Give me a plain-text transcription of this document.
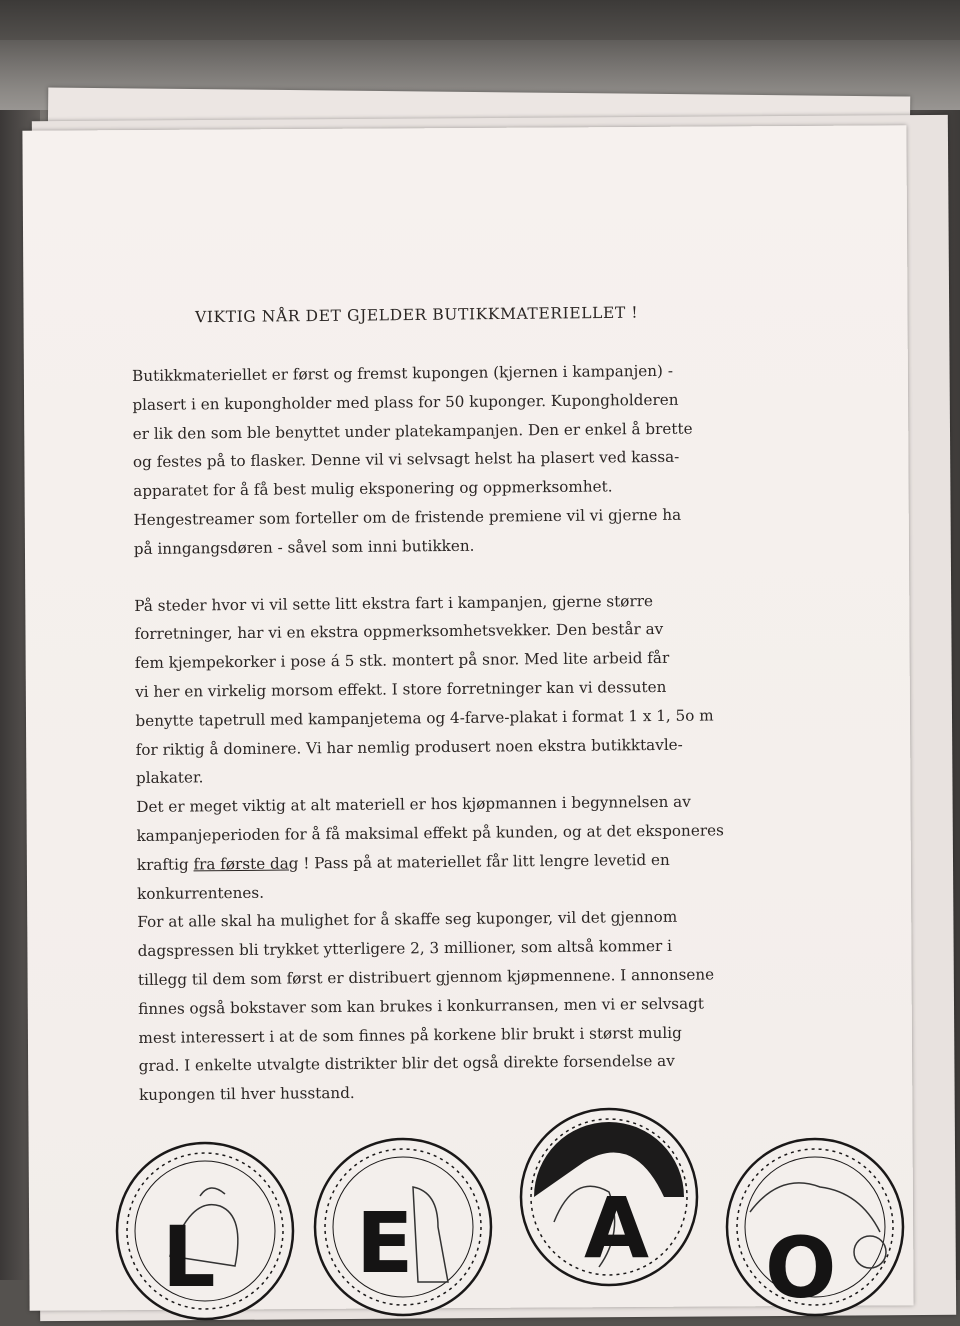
VIKTIG NÅR DET GJELDER BUTIKKMATERIELLET !
Butikkmateriellet er først og fremst kupongen (kjernen i kampanjen) -
plasert i en kupongholder med plass for 50 kuponger. Kupongholderen
er lik den som ble benyttet under platekampanjen. Den er enkel å brette
og festes på to flasker. Denne vil vi selvsagt helst ha plasert ved kassa-
apparatet for å få best mulig eksponering og oppmerksomhet.
Hengestreamer som forteller om de fristende premiene vil vi gjerne ha
på inngangsdøren - såvel som inni butikken.
På steder hvor vi vil sette litt ekstra fart i kampanjen, gjerne større
forretninger, har vi en ekstra oppmerksomhetsvekker. Den består av
fem kjempekorker i pose á 5 stk. montert på snor. Med lite arbeid får
vi her en virkelig morsom effekt. I store forretninger kan vi dessuten
benytte tapetrull med kampanjetema og 4-farve-plakat i format 1 x 1, 5o m
for riktig å dominere. Vi har nemlig produsert noen ekstra butikktavle-
plakater.
Det er meget viktig at alt materiell er hos kjøpmannen i begynnelsen av
kampanjeperioden for å få maksimal effekt på kunden, og at det eksponeres
kraftig fra første dag ! Pass på at materiellet får litt lengre levetid en
konkurrentenes.
For at alle skal ha mulighet for å skaffe seg kuponger, vil det gjennom
dagspressen bli trykket ytterligere 2, 3 millioner, som altså kommer i
tillegg til dem som først er distribuert gjennom kjøpmennene. I annonsene
finnes også bokstaver som kan brukes i konkurransen, men vi er selvsagt
mest interessert i at de som finnes på korkene blir brukt i størst mulig
grad. I enkelte utvalgte distrikter blir det også direkte forsendelse av
kupongen til hver husstand.
L E A O
